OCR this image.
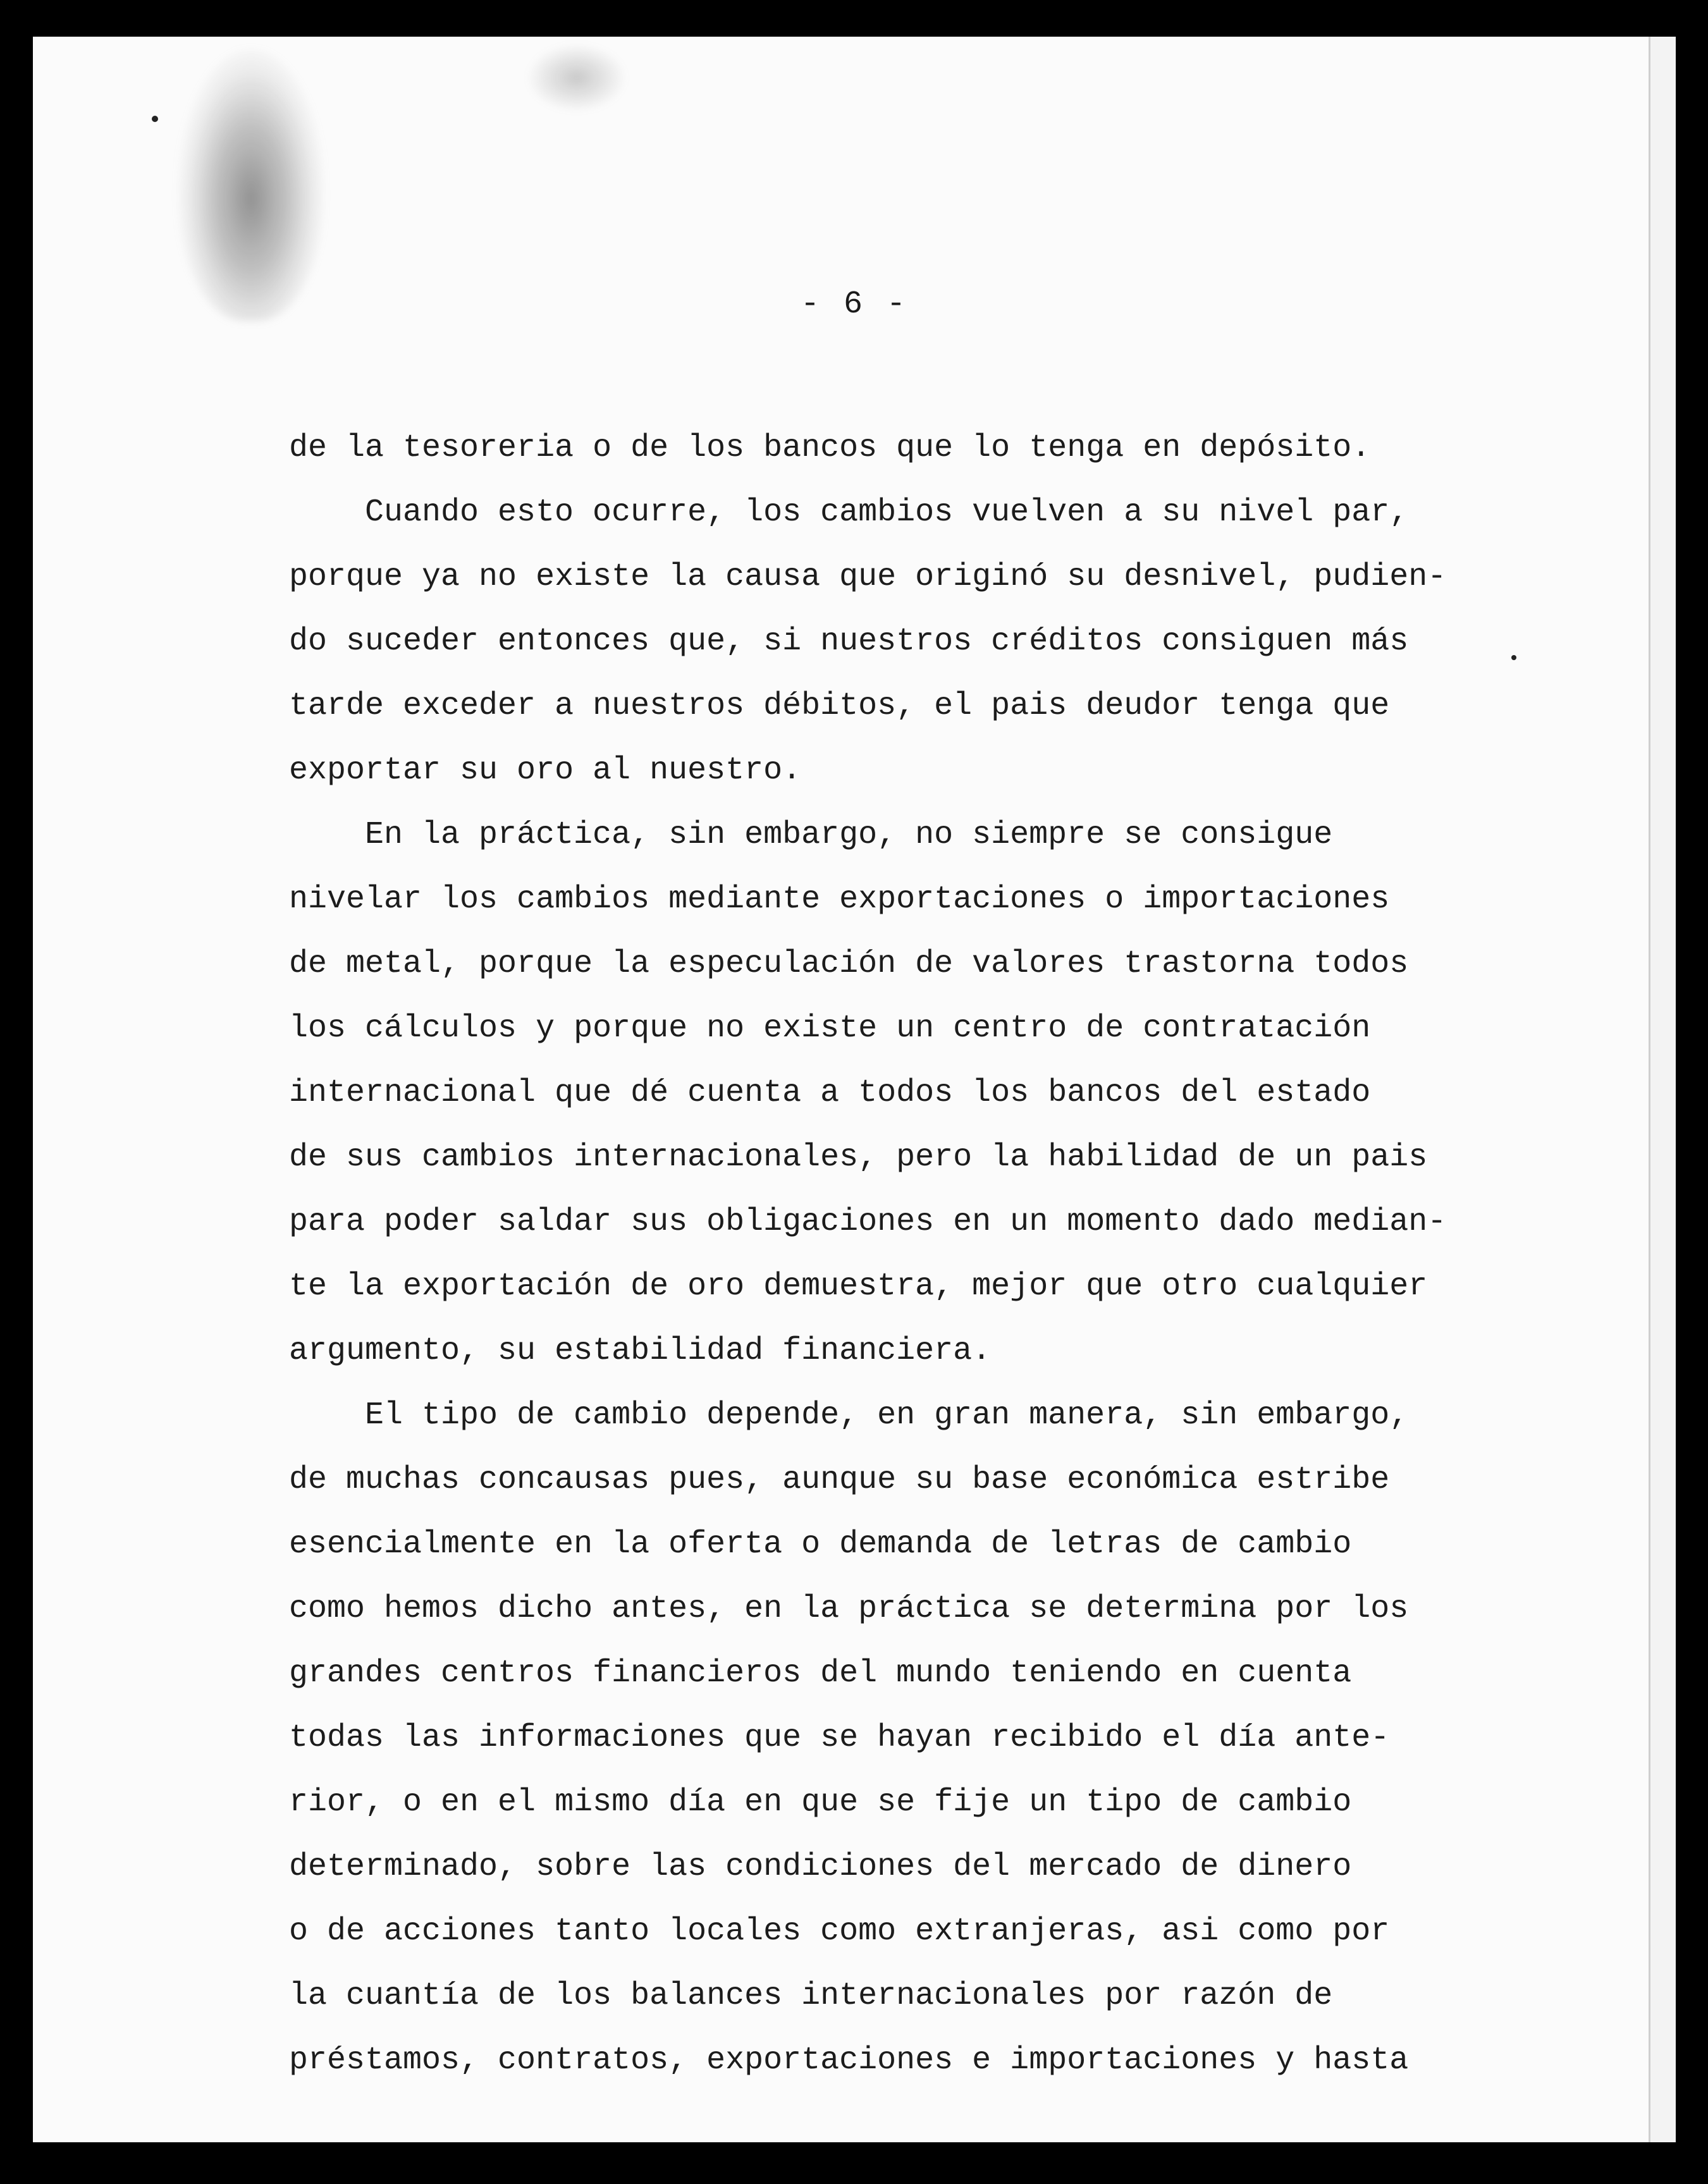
- 6 -
de la tesoreria o de los bancos que lo tenga en depósito.
Cuando esto ocurre, los cambios vuelven a su nivel par,
porque ya no existe la causa que originó su desnivel, pudien-
do suceder entonces que, si nuestros créditos consiguen más
tarde exceder a nuestros débitos, el pais deudor tenga que
exportar su oro al nuestro.
En la práctica, sin embargo, no siempre se consigue
nivelar los cambios mediante exportaciones o importaciones
de metal, porque la especulación de valores trastorna todos
los cálculos y porque no existe un centro de contratación
internacional que dé cuenta a todos los bancos del estado
de sus cambios internacionales, pero la habilidad de un pais
para poder saldar sus obligaciones en un momento dado median-
te la exportación de oro demuestra, mejor que otro cualquier
argumento, su estabilidad financiera.
El tipo de cambio depende, en gran manera, sin embargo,
de muchas concausas pues, aunque su base económica estribe
esencialmente en la oferta o demanda de letras de cambio
como hemos dicho antes, en la práctica se determina por los
grandes centros financieros del mundo teniendo en cuenta
todas las informaciones que se hayan recibido el día ante-
rior, o en el mismo día en que se fije un tipo de cambio
determinado, sobre las condiciones del mercado de dinero
o de acciones tanto locales como extranjeras, asi como por
la cuantía de los balances internacionales por razón de
préstamos, contratos, exportaciones e importaciones y hasta
